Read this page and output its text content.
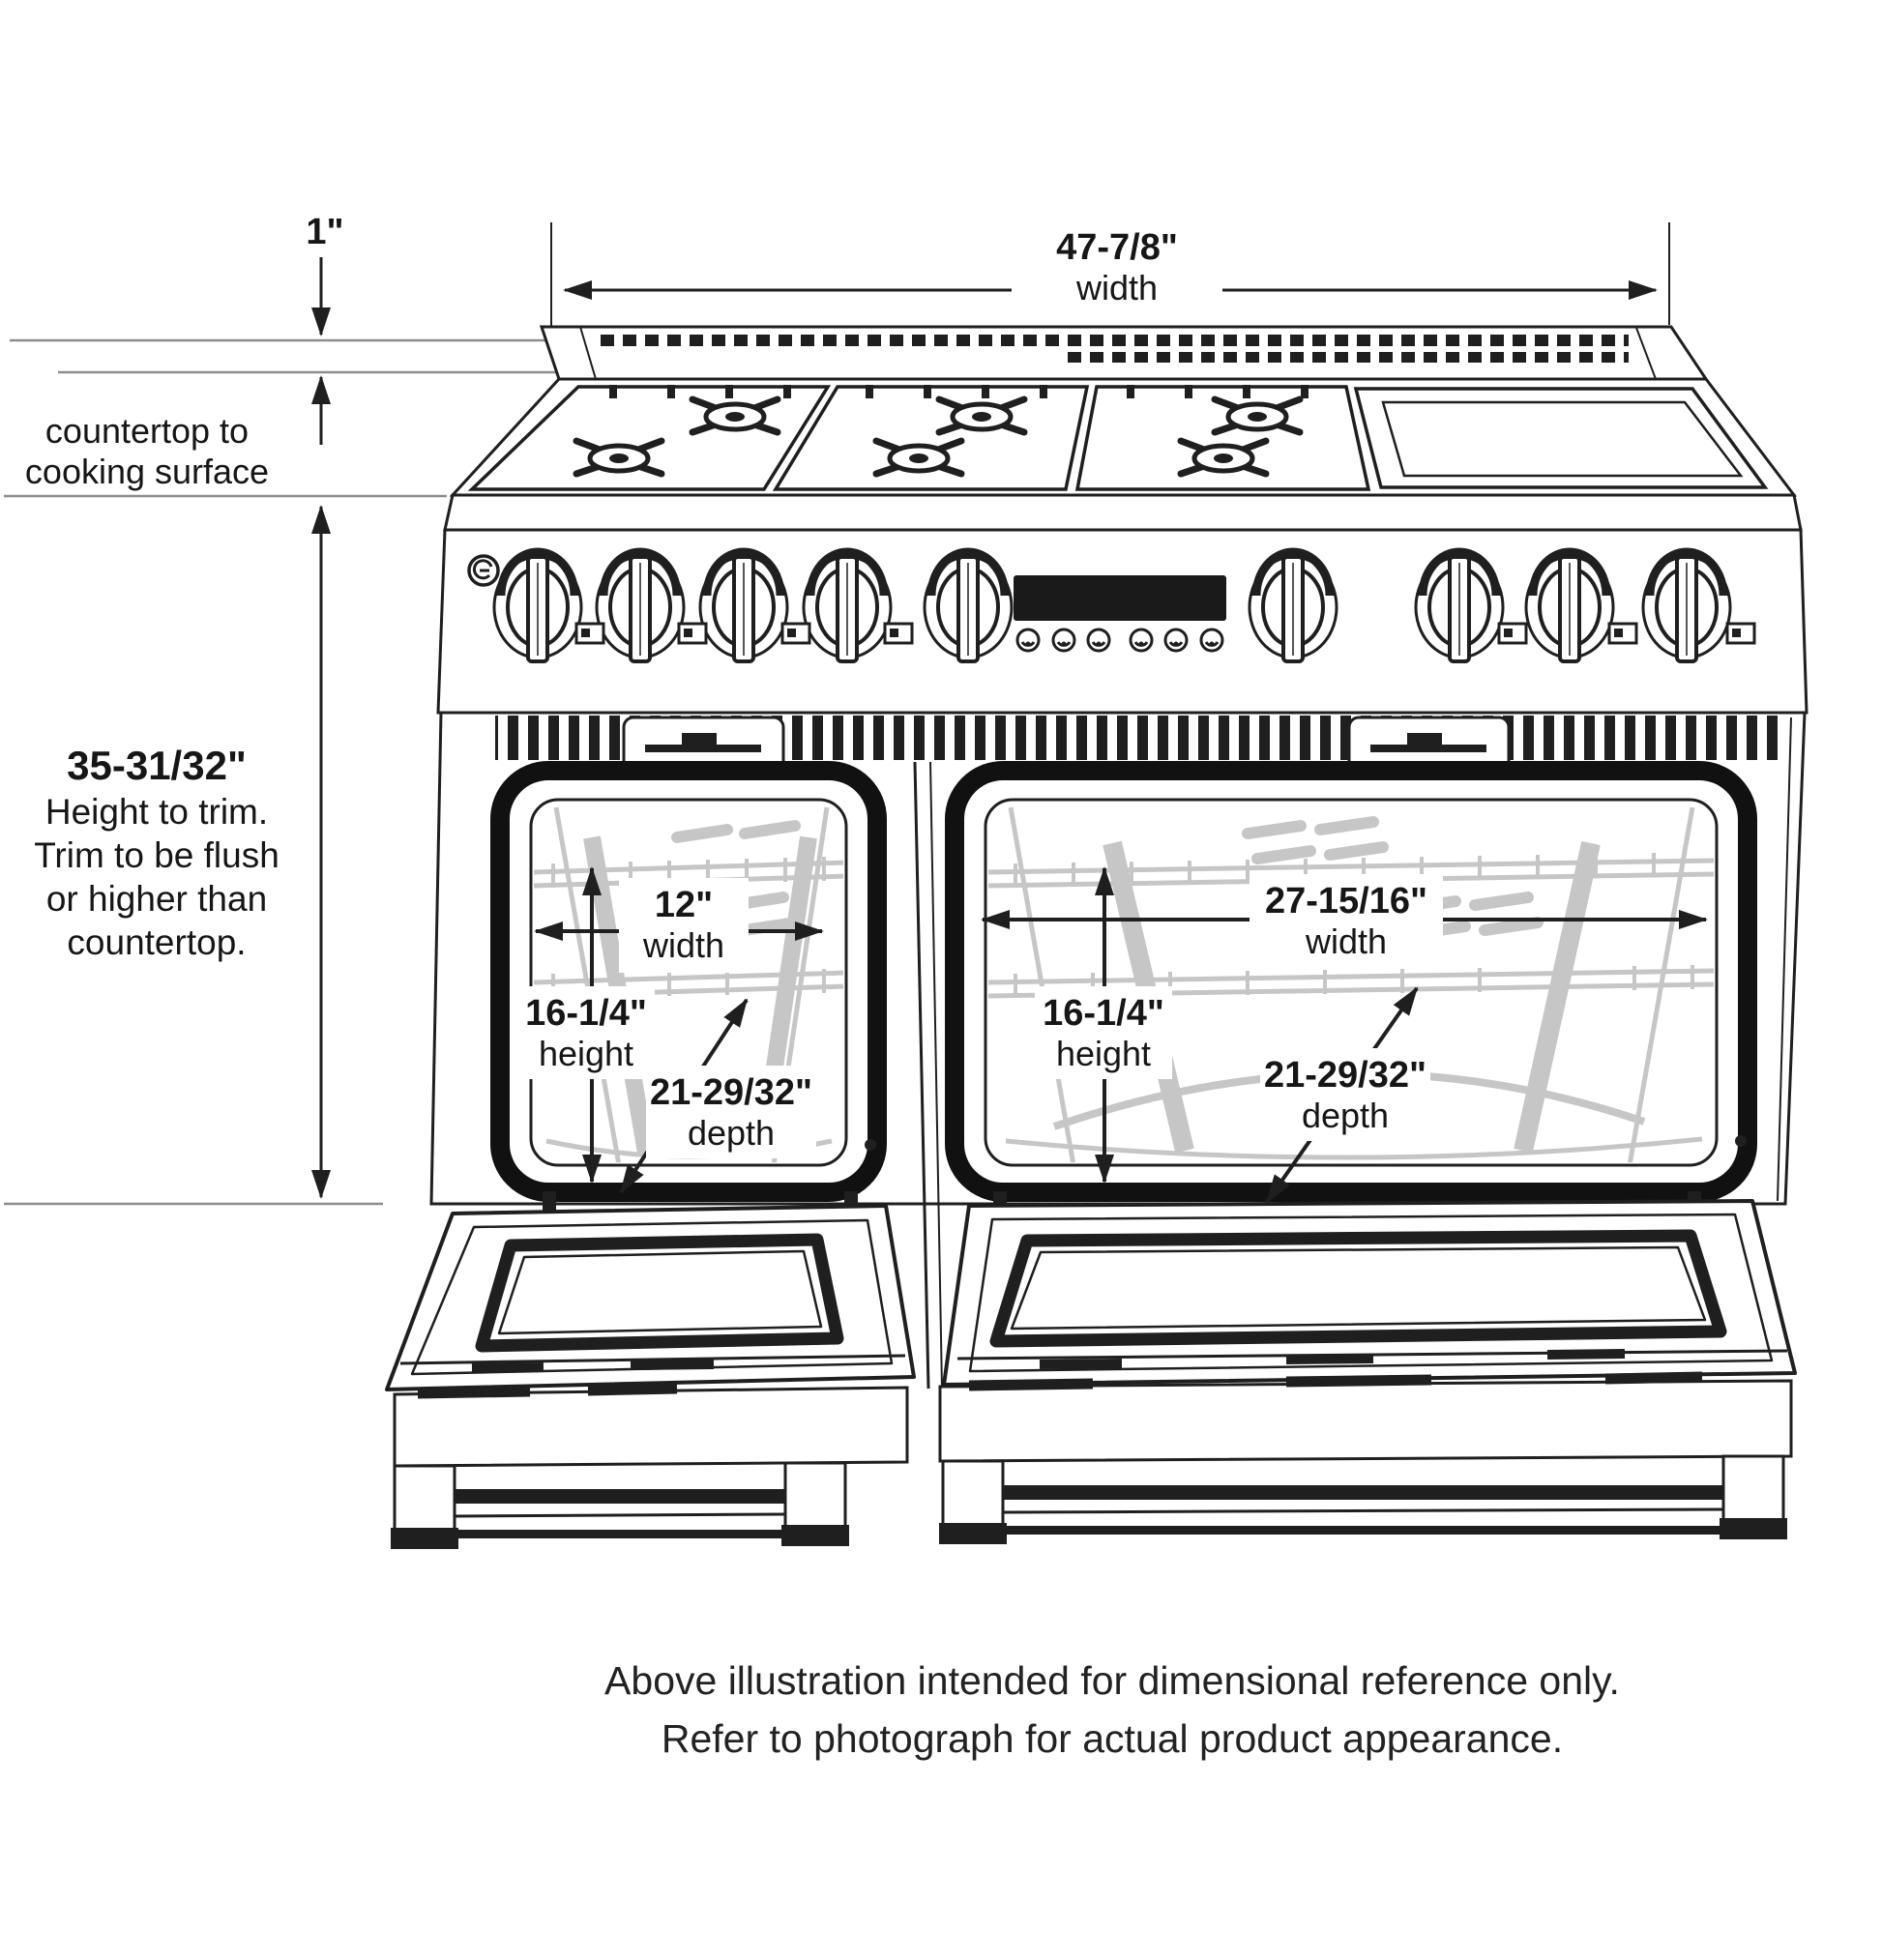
1"
countertop to
cooking surface
35-31/32"
Height to trim.
Trim to be flush
or higher than
countertop.
47-7/8"
width
12"
width
16-1/4"
height
21-29/32"
depth
27-15/16"
width
16-1/4"
height
21-29/32"
depth
Above illustration intended for dimensional reference only.
Refer to photograph for actual product appearance.
